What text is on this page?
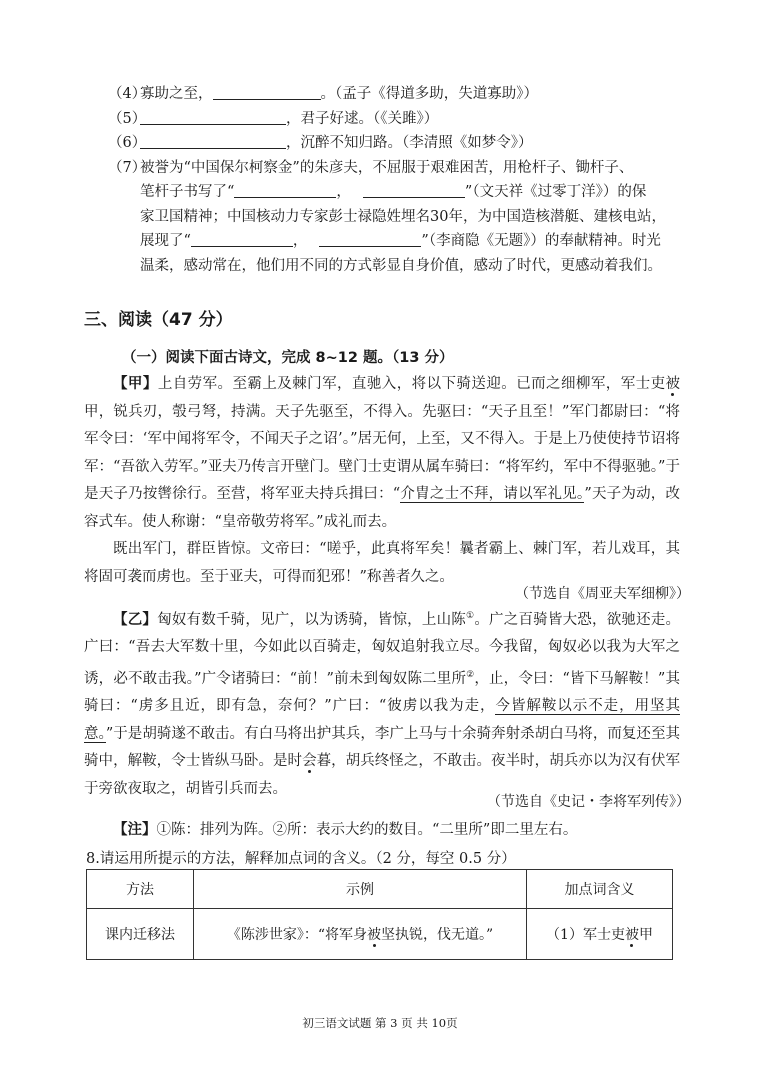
（4）寡助之至，	。（孟子《得道多助，失道寡助》）
（5）	，君子好逑。（《关雎》）
（6）	，沉醉不知归路。（李清照《如梦令》）
（7）被誉为“中国保尔柯察金”的朱彦夫，不屈服于艰难困苦，用枪杆子、锄杆子、
笔杆子书写了“	，	”（文天祥《过零丁洋》）的保
家卫国精神；中国核动力专家彭士禄隐姓埋名30年，为中国造核潜艇、建核电站，
展现了“	，	”（李商隐《无题》）的奉献精神。时光
温柔，感动常在，他们用不同的方式彰显自身价值，感动了时代，更感动着我们。
三、阅读（47 分）
（一）阅读下面古诗文，完成 8~12 题。（13 分）

【甲】上自劳军。至霸上及棘门军，直驰入，将以下骑送迎。已而之细柳军，军士吏被甲，锐兵刃，彀弓弩，持满。天子先驱至，不得入。先驱曰：“天子且至！”军门都尉曰：“将军令曰：‘军中闻将军令，不闻天子之诏’。”居无何，上至，又不得入。于是上乃使使持节诏将军：“吾欲入劳军。”亚夫乃传言开壁门。壁门士吏谓从属车骑曰：“将军约，军中不得驱驰。”于是天子乃按辔徐行。至营，将军亚夫持兵揖曰：“介胄之士不拜，请以军礼见。”天子为动，改容式车。使人称谢：“皇帝敬劳将军。”成礼而去。

既出军门，群臣皆惊。文帝曰：“嗟乎，此真将军矣！曩者霸上、棘门军，若儿戏耳，其将固可袭而虏也。至于亚夫，可得而犯邪！”称善者久之。

（节选自《周亚夫军细柳》）

【乙】匈奴有数千骑，见广，以为诱骑，皆惊，上山陈①。广之百骑皆大恐，欲驰还走。广曰：“吾去大军数十里，今如此以百骑走，匈奴追射我立尽。今我留，匈奴必以我为大军之诱，必不敢击我。”广令诸骑曰：“前！”前未到匈奴陈二里所②，止，令曰：“皆下马解鞍！”其骑曰：“虏多且近，即有急，奈何？”广曰：“彼虏以我为走，今皆解鞍以示不走，用坚其意。”于是胡骑遂不敢击。有白马将出护其兵，李广上马与十余骑奔射杀胡白马将，而复还至其骑中，解鞍，令士皆纵马卧。是时会暮，胡兵终怪之，不敢击。夜半时，胡兵亦以为汉有伏军于旁欲夜取之，胡皆引兵而去。

（节选自《史记・李将军列传》）
【注】①陈：排列为阵。②所：表示大约的数目。“二里所”即二里左右。
8.请运用所提示的方法，解释加点词的含义。（2 分，每空 0.5 分）
方法	示例	加点词含义
课内迁移法	《陈涉世家》：“将军身被坚执锐，伐无道。”	（1）军士吏被甲
初三语文试题 第 3 页 共 10页
